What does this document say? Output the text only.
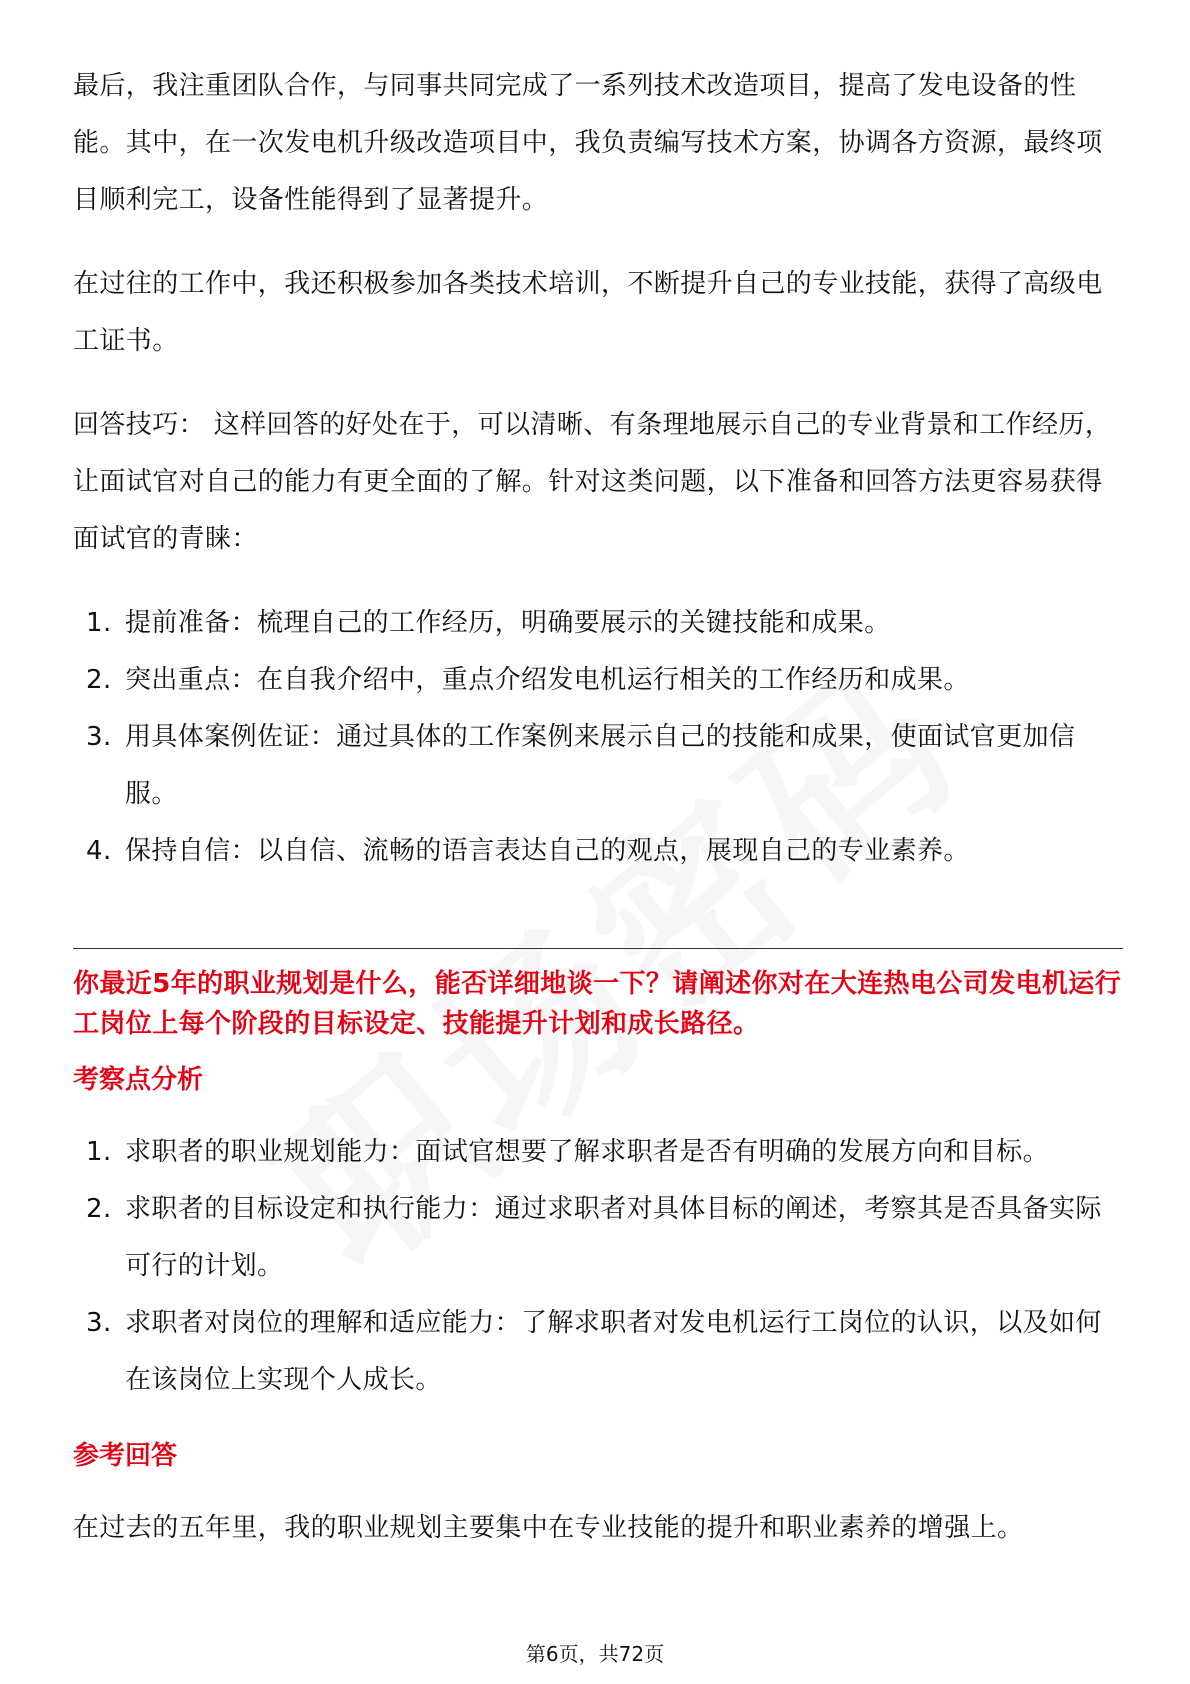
最后，我注重团队合作，与同事共同完成了一系列技术改造项目，提高了发电设备的性能。其中，在一次发电机升级改造项目中，我负责编写技术方案，协调各方资源，最终项目顺利完工，设备性能得到了显著提升。

在过往的工作中，我还积极参加各类技术培训，不断提升自己的专业技能，获得了高级电工证书。

回答技巧： 这样回答的好处在于，可以清晰、有条理地展示自己的专业背景和工作经历，让面试官对自己的能力有更全面的了解。针对这类问题，以下准备和回答方法更容易获得面试官的青睐：

1. 提前准备：梳理自己的工作经历，明确要展示的关键技能和成果。
2. 突出重点：在自我介绍中，重点介绍发电机运行相关的工作经历和成果。
3. 用具体案例佐证：通过具体的工作案例来展示自己的技能和成果，使面试官更加信服。
4. 保持自信：以自信、流畅的语言表达自己的观点，展现自己的专业素养。

你最近5年的职业规划是什么，能否详细地谈一下？请阐述你对在大连热电公司发电机运行工岗位上每个阶段的目标设定、技能提升计划和成长路径。

考察点分析
1. 求职者的职业规划能力：面试官想要了解求职者是否有明确的发展方向和目标。
2. 求职者的目标设定和执行能力：通过求职者对具体目标的阐述，考察其是否具备实际可行的计划。
3. 求职者对岗位的理解和适应能力：了解求职者对发电机运行工岗位的认识，以及如何在该岗位上实现个人成长。
参考回答

在过去的五年里，我的职业规划主要集中在专业技能的提升和职业素养的增强上。

第6页，共72页
